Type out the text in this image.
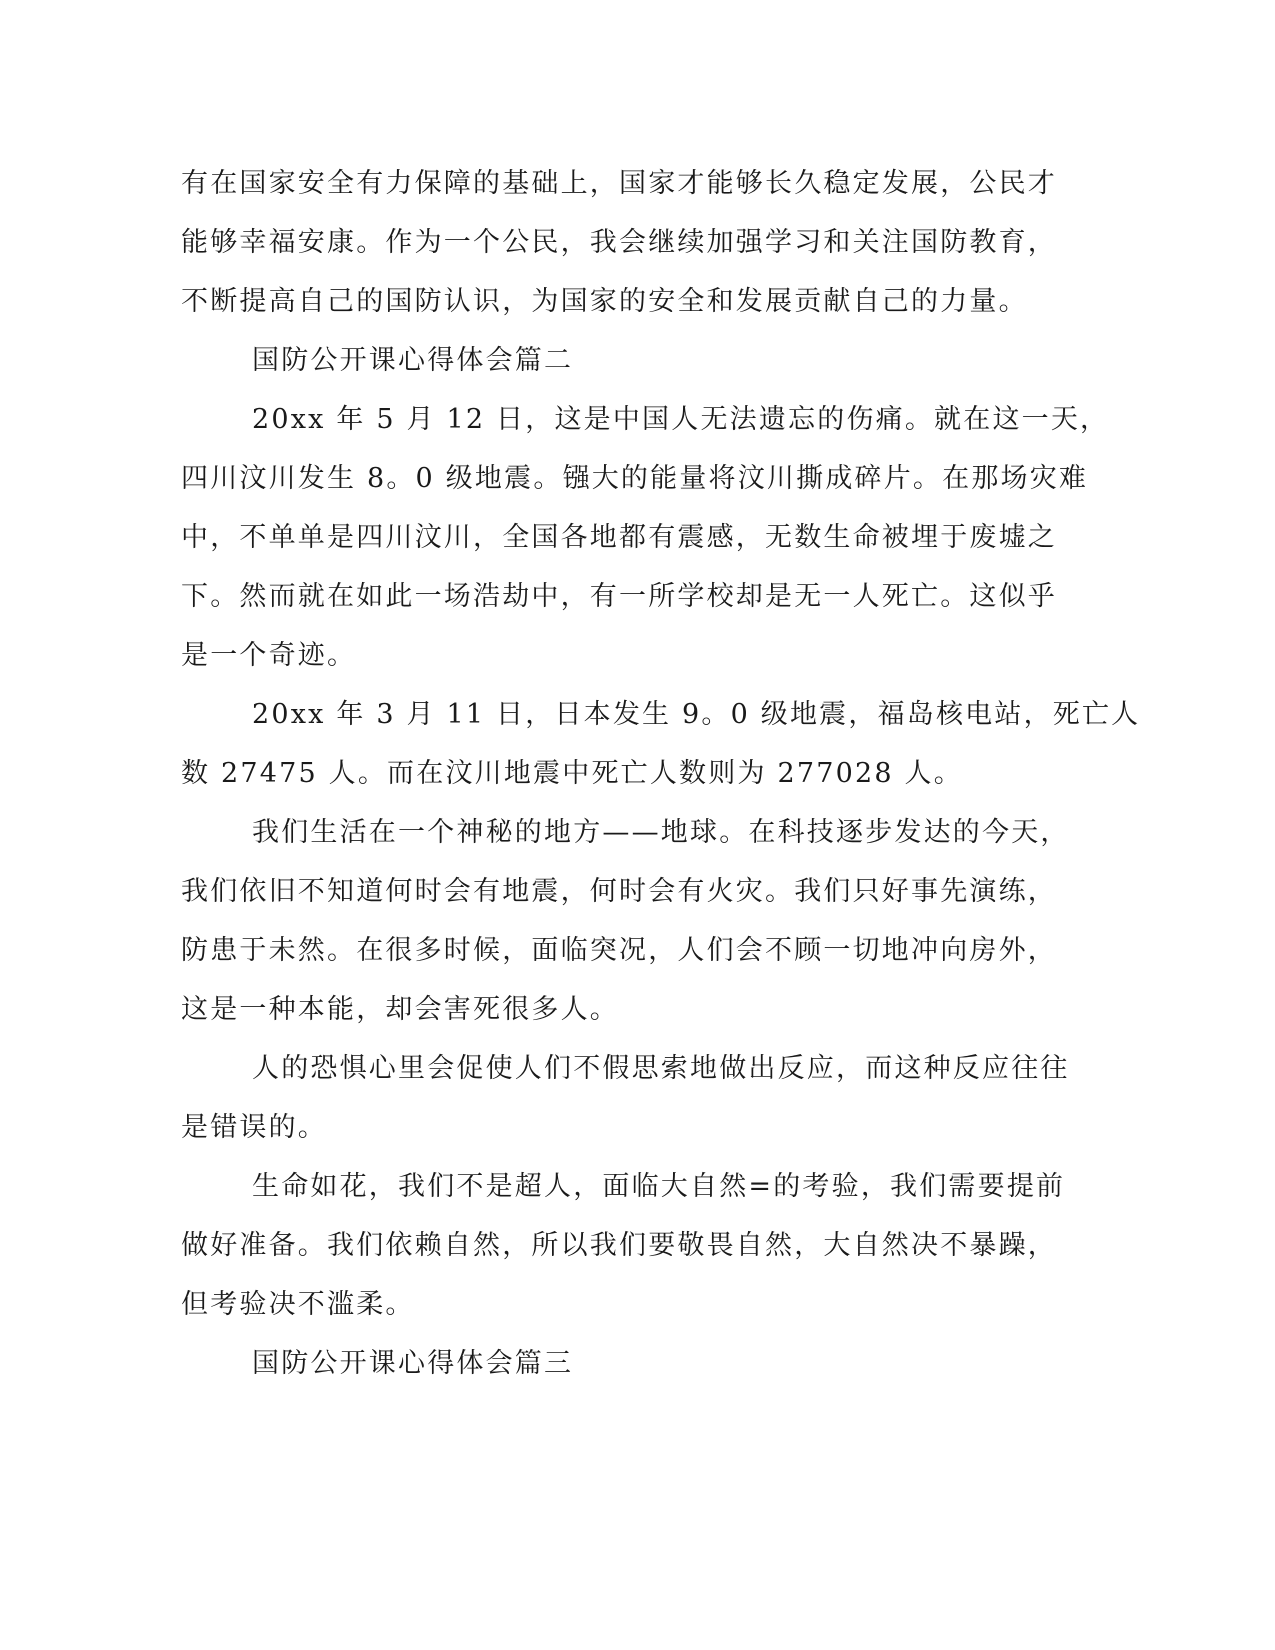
有在国家安全有力保障的基础上，国家才能够长久稳定发展，公民才
能够幸福安康。作为一个公民，我会继续加强学习和关注国防教育，
不断提高自己的国防认识，为国家的安全和发展贡献自己的力量。
国防公开课心得体会篇二
20xx 年 5 月 12 日，这是中国人无法遗忘的伤痛。就在这一天，
四川汶川发生 8。0 级地震。镪大的能量将汶川撕成碎片。在那场灾难
中，不单单是四川汶川，全国各地都有震感，无数生命被埋于废墟之
下。然而就在如此一场浩劫中，有一所学校却是无一人死亡。这似乎
是一个奇迹。
20xx 年 3 月 11 日，日本发生 9。0 级地震，福岛核电站，死亡人
数 27475 人。而在汶川地震中死亡人数则为 277028 人。
我们生活在一个神秘的地方——地球。在科技逐步发达的今天，
我们依旧不知道何时会有地震，何时会有火灾。我们只好事先演练，
防患于未然。在很多时候，面临突况，人们会不顾一切地冲向房外，
这是一种本能，却会害死很多人。
人的恐惧心里会促使人们不假思索地做出反应，而这种反应往往
是错误的。
生命如花，我们不是超人，面临大自然=的考验，我们需要提前
做好准备。我们依赖自然，所以我们要敬畏自然，大自然决不暴躁，
但考验决不滥柔。
国防公开课心得体会篇三
